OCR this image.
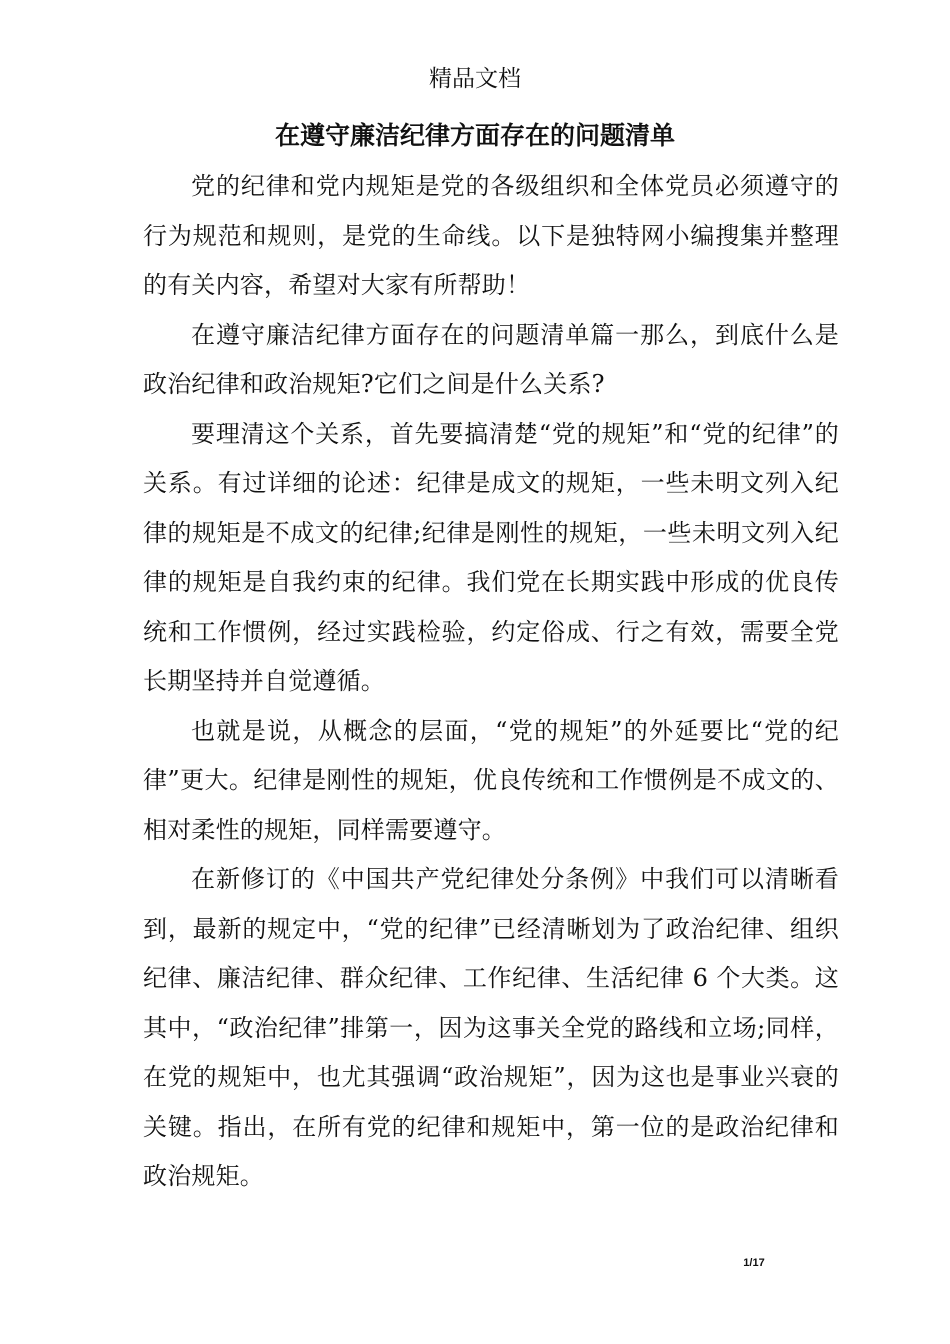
精品文档
在遵守廉洁纪律方面存在的问题清单

党的纪律和党内规矩是党的各级组织和全体党员必须遵守的行为规范和规则，是党的生命线。以下是独特网小编搜集并整理的有关内容，希望对大家有所帮助！

在遵守廉洁纪律方面存在的问题清单篇一那么，到底什么是政治纪律和政治规矩?它们之间是什么关系?

要理清这个关系，首先要搞清楚“党的规矩”和“党的纪律”的关系。有过详细的论述：纪律是成文的规矩，一些未明文列入纪律的规矩是不成文的纪律;纪律是刚性的规矩，一些未明文列入纪律的规矩是自我约束的纪律。我们党在长期实践中形成的优良传统和工作惯例，经过实践检验，约定俗成、行之有效，需要全党长期坚持并自觉遵循。

也就是说，从概念的层面，“党的规矩”的外延要比“党的纪律”更大。纪律是刚性的规矩，优良传统和工作惯例是不成文的、相对柔性的规矩，同样需要遵守。

在新修订的《中国共产党纪律处分条例》中我们可以清晰看到，最新的规定中，“党的纪律”已经清晰划为了政治纪律、组织纪律、廉洁纪律、群众纪律、工作纪律、生活纪律 6 个大类。这其中，“政治纪律”排第一，因为这事关全党的路线和立场;同样，在党的规矩中，也尤其强调“政治规矩”，因为这也是事业兴衰的关键。指出，在所有党的纪律和规矩中，第一位的是政治纪律和政治规矩。

1/17
